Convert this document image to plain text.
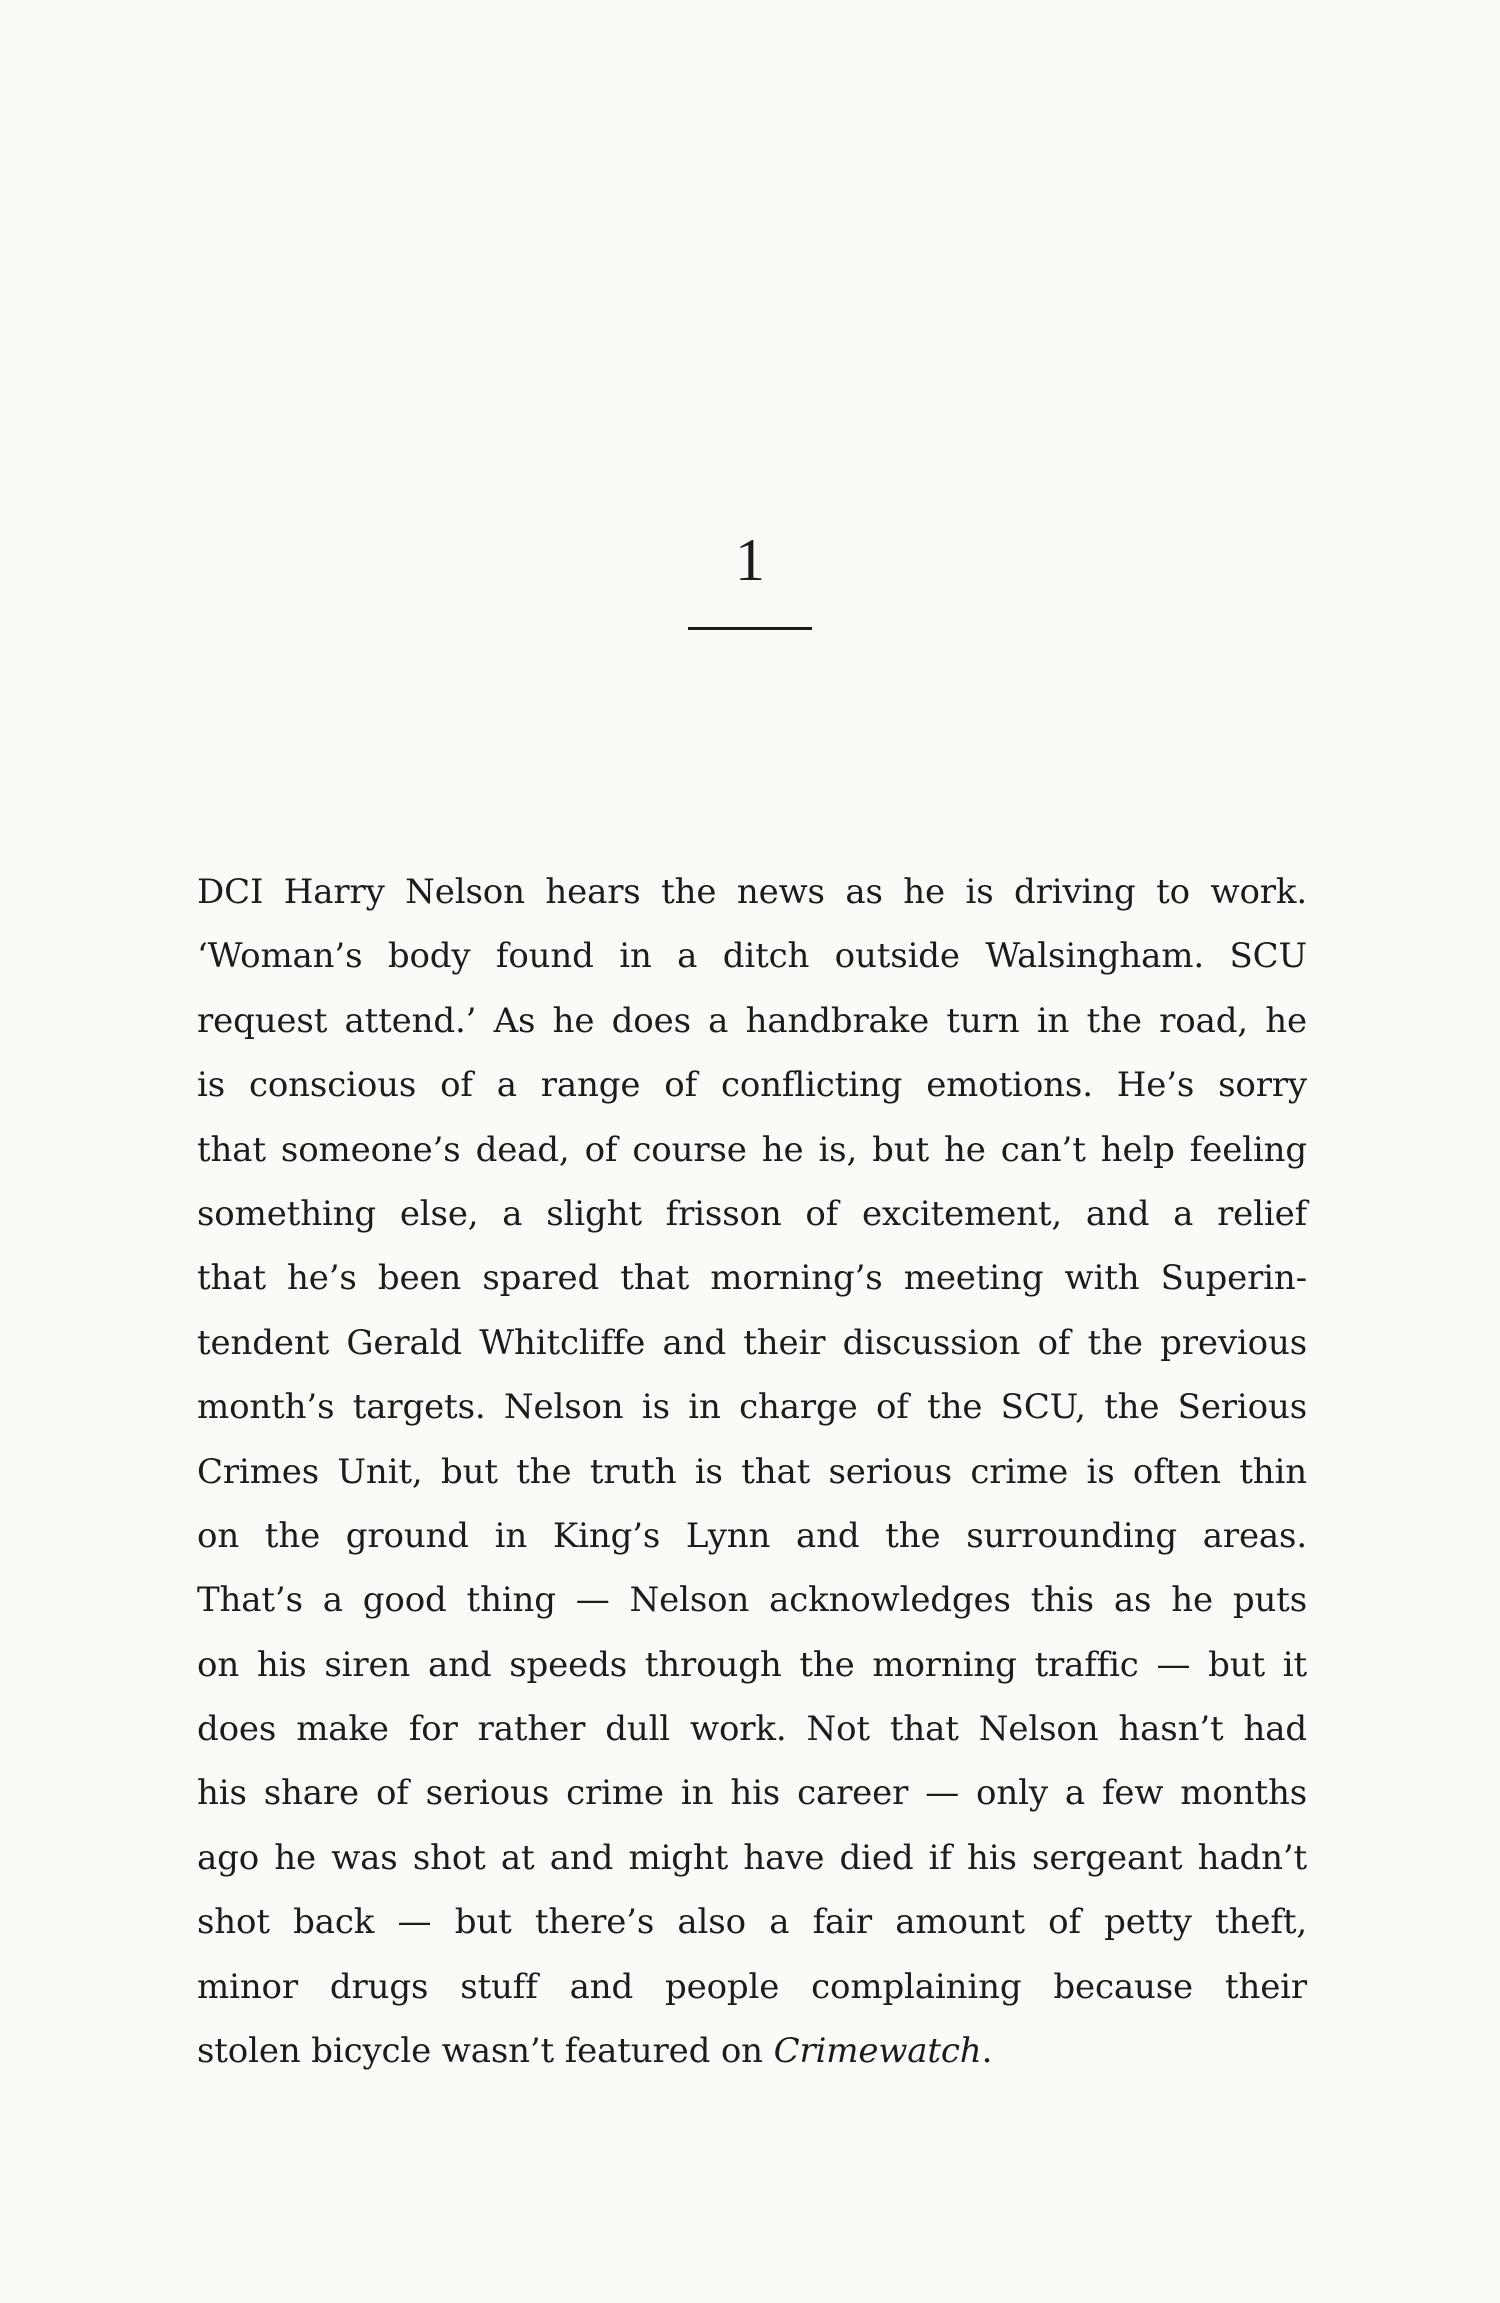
1
DCI Harry Nelson hears the news as he is driving to work.
‘Woman’s body found in a ditch outside Walsingham. SCU
request attend.’ As he does a handbrake turn in the road, he
is conscious of a range of conflicting emotions. He’s sorry
that someone’s dead, of course he is, but he can’t help feeling
something else, a slight frisson of excitement, and a relief
that he’s been spared that morning’s meeting with Superin-
tendent Gerald Whitcliffe and their discussion of the previous
month’s targets. Nelson is in charge of the SCU, the Serious
Crimes Unit, but the truth is that serious crime is often thin
on the ground in King’s Lynn and the surrounding areas.
That’s a good thing — Nelson acknowledges this as he puts
on his siren and speeds through the morning traffic — but it
does make for rather dull work. Not that Nelson hasn’t had
his share of serious crime in his career — only a few months
ago he was shot at and might have died if his sergeant hadn’t
shot back — but there’s also a fair amount of petty theft,
minor drugs stuff and people complaining because their
stolen bicycle wasn’t featured on Crimewatch.
